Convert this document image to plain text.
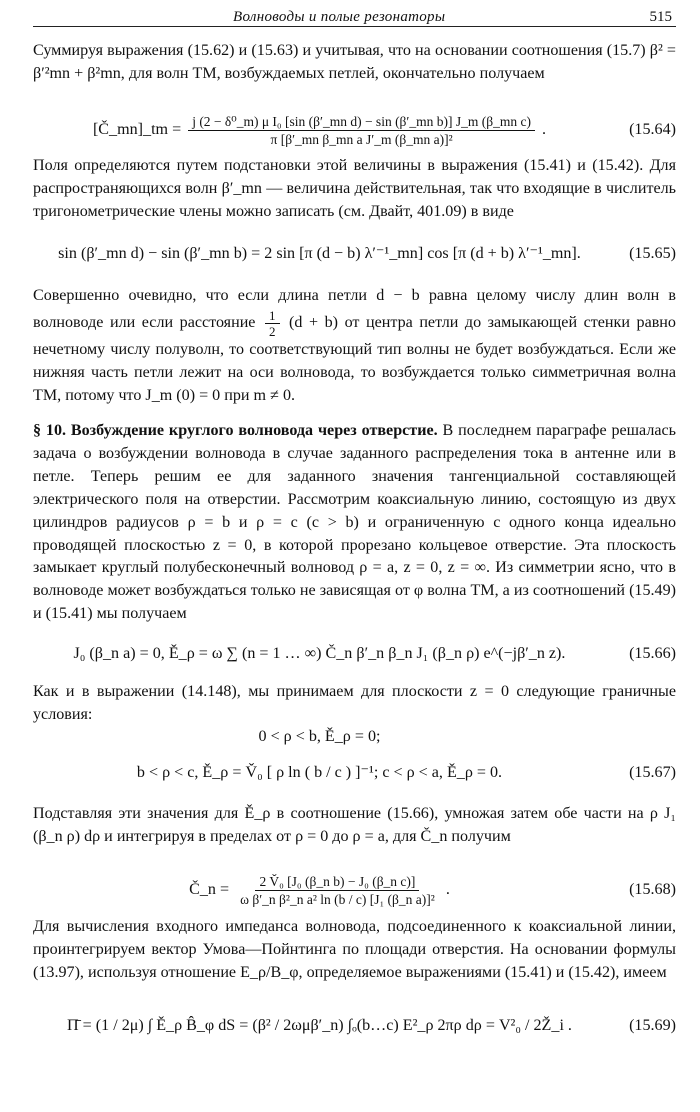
Волноводы и полые резонаторы	515

Суммируя выражения (15.62) и (15.63) и учитывая, что на основании соотношения (15.7) β² = β′²mn + β²mn, для волн TM, возбуждаемых петлей, окончательно получаем

[Č_mn]_tm = j (2 − δ⁰_m) μ I₀ [sin (β′_mn d) − sin (β′_mn b)] J_m (β_mn c)
π [β′_mn β_mn a J′_m (β_mn a)]²
.	(15.64)

Поля определяются путем подстановки этой величины в выражения (15.41) и (15.42). Для распространяющихся волн β′_mn — величина действительная, так что входящие в числитель тригонометрические члены можно записать (см. Двайт, 401.09) в виде

sin (β′_mn d) − sin (β′_mn b) = 2 sin [π (d − b) λ′⁻¹_mn] cos [π (d + b) λ′⁻¹_mn].	(15.65)

Совершенно очевидно, что если длина петли d − b равна целому числу длин волн в волноводе или если расстояние $\frac{1}{2} (d + b)$ от центра петли до замыкающей стенки равно нечетному числу полуволн, то соответствующий тип волны не будет возбуждаться. Если же нижняя часть петли лежит на оси волновода, то возбуждается только симметричная волна TM, потому что J_m (0) = 0 при m ≠ 0.

§ 10. Возбуждение круглого волновода через отверстие. В последнем параграфе решалась задача о возбуждении волновода в случае заданного распределения тока в антенне или в петле. Теперь решим ее для заданного значения тангенциальной составляющей электрического поля на отверстии. Рассмотрим коаксиальную линию, состоящую из двух цилиндров радиусов ρ = b и ρ = c (c > b) и ограниченную с одного конца идеально проводящей плоскостью z = 0, в которой прорезано кольцевое отверстие. Эта плоскость замыкает круглый полубесконечный волновод ρ = a, z = 0, z = ∞. Из симметрии ясно, что в волноводе может возбуждаться только не зависящая от φ волна TM, а из соотношений (15.49) и (15.41) мы получаем

J₀ (β_n a) = 0, Ě_ρ = ω ∑ (n = 1 … ∞) Č_n β′_n β_n J₁ (β_n ρ) e^(−jβ′_n z).	(15.66)

Как и в выражении (14.148), мы принимаем для плоскости z = 0 следующие граничные условия:

0 < ρ < b, Ě_ρ = 0;
b < ρ < c, Ě_ρ = V̌₀ [ ρ ln ( b / c ) ]⁻¹; c < ρ < a, Ě_ρ = 0.	(15.67)

Подставляя эти значения для Ě_ρ в соотношение (15.66), умножая затем обе части на ρ J₁ (β_n ρ) dρ и интегрируя в пределах от ρ = 0 до ρ = a, для Č_n получим

Č_n = $\frac{\text{2 V̌₀ [J₀ (β\_n b) − J₀ (β\_n c)]}}{\text{ω β′\_n β²\_n a² ln (b / c) [J₁ (β\_n a)]²}}$ .	(15.68)

Для вычисления входного импеданса волновода, подсоединенного к коаксиальной линии, проинтегрируем вектор Умова—Пойнтинга по площади отверстия. На основании формулы (13.97), используя отношение E_ρ/B_φ, определяемое выражениями (15.41) и (15.42), имеем

Π̄ = (1 / 2μ) ∫ Ě_ρ B̂_φ dS = (β² / 2ωμβ′_n) ∫ₒ(b…c) E²_ρ 2πρ dρ = V²₀ / 2Ž_i .	(15.69)
